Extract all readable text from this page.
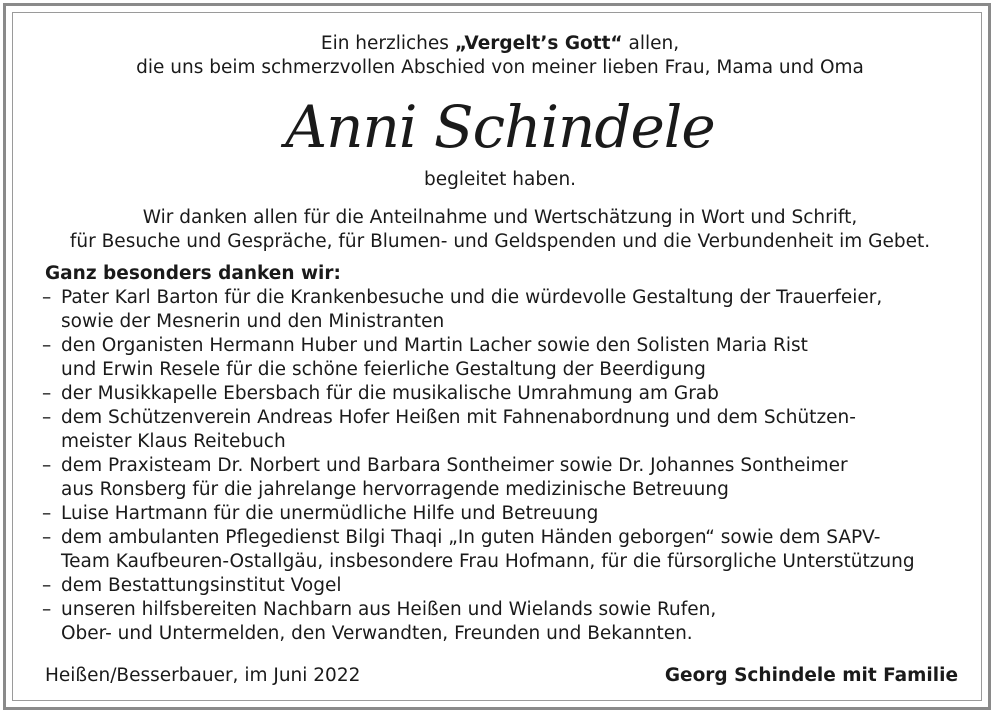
Ein herzliches „Vergelt’s Gott“ allen,
die uns beim schmerzvollen Abschied von meiner lieben Frau, Mama und Oma
Anni Schindele
begleitet haben.
Wir danken allen für die Anteilnahme und Wertschätzung in Wort und Schrift,
für Besuche und Gespräche, für Blumen- und Geldspenden und die Verbundenheit im Gebet.

Ganz besonders danken wir:

– Pater Karl Barton für die Krankenbesuche und die würdevolle Gestaltung der Trauerfeier,
sowie der Mesnerin und den Ministranten
– den Organisten Hermann Huber und Martin Lacher sowie den Solisten Maria Rist
und Erwin Resele für die schöne feierliche Gestaltung der Beerdigung
– der Musikkapelle Ebersbach für die musikalische Umrahmung am Grab
– dem Schützenverein Andreas Hofer Heißen mit Fahnenabordnung und dem Schützen-
meister Klaus Reitebuch
– dem Praxisteam Dr. Norbert und Barbara Sontheimer sowie Dr. Johannes Sontheimer
aus Ronsberg für die jahrelange hervorragende medizinische Betreuung
– Luise Hartmann für die unermüdliche Hilfe und Betreuung
– dem ambulanten Pflegedienst Bilgi Thaqi „In guten Händen geborgen“ sowie dem SAPV-
Team Kaufbeuren-Ostallgäu, insbesondere Frau Hofmann, für die fürsorgliche Unterstützung
– dem Bestattungsinstitut Vogel
– unseren hilfsbereiten Nachbarn aus Heißen und Wielands sowie Rufen,
Ober- und Untermelden, den Verwandten, Freunden und Bekannten.
Heißen/Besserbauer, im Juni 2022	Georg Schindele mit Familie
